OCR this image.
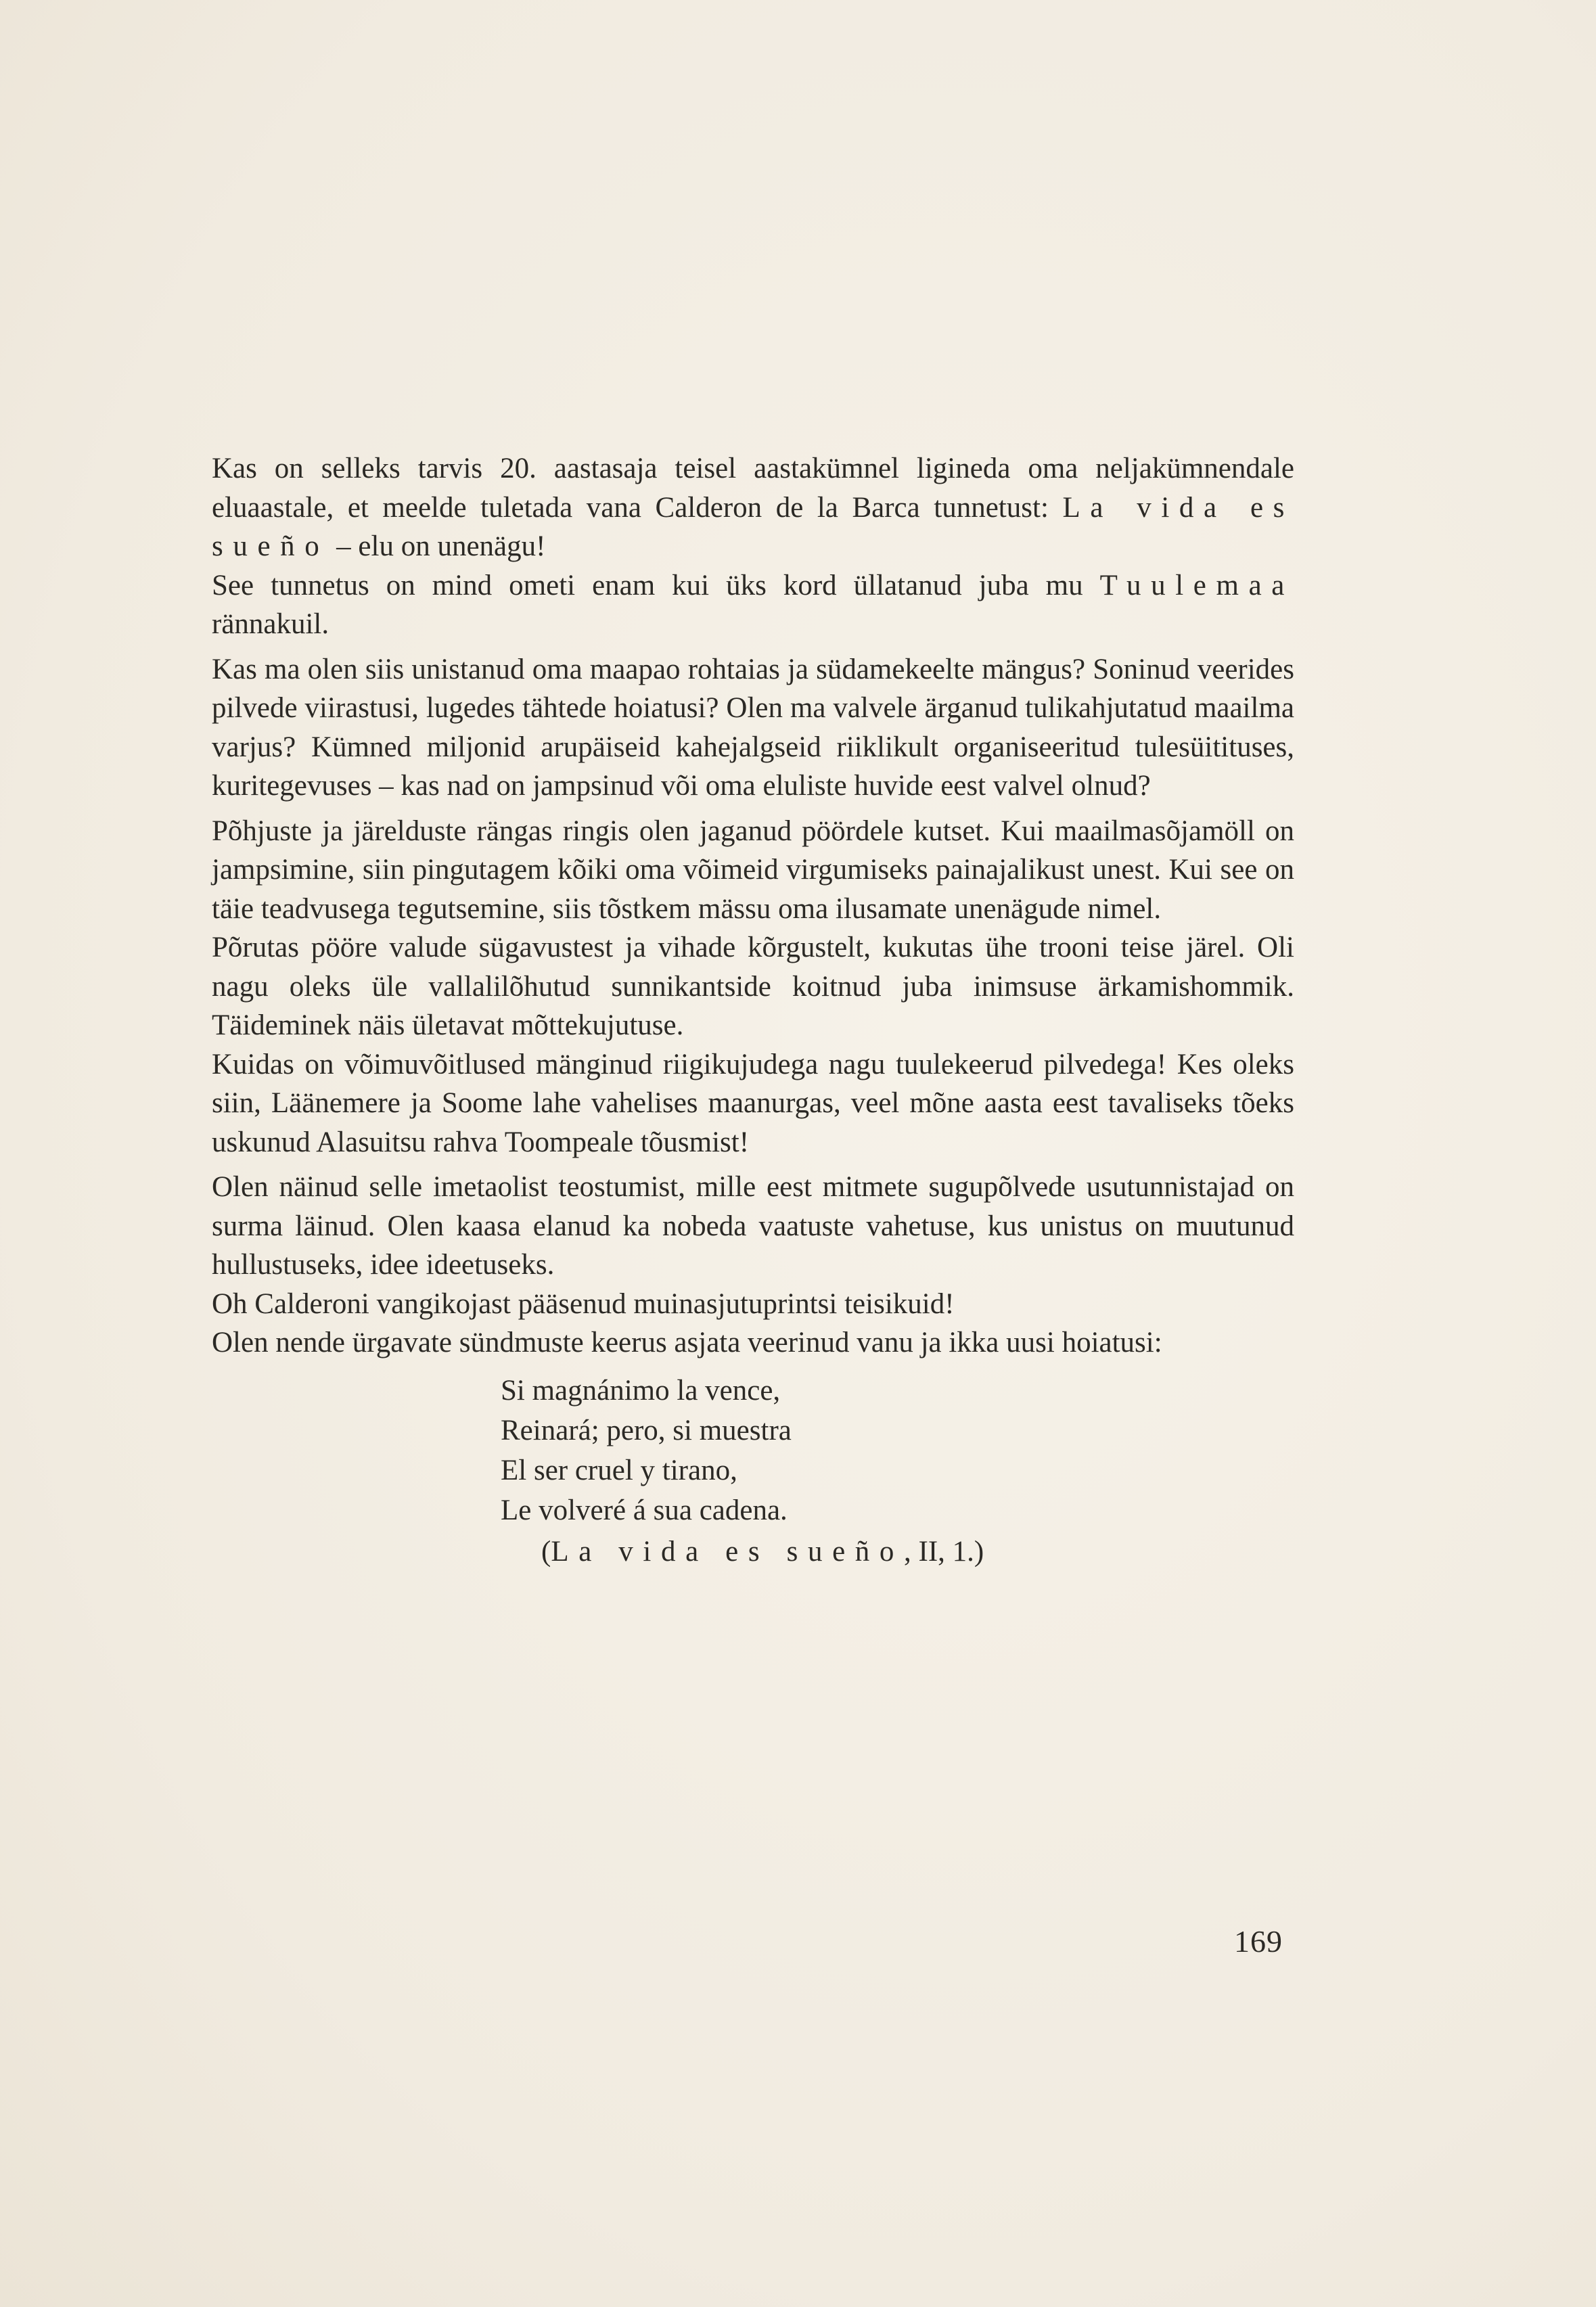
Kas on selleks tarvis 20. aastasaja teisel aastakümnel ligineda oma neljakümnendale eluaastale, et meelde tuletada vana Calderon de la Barca tunnetust: La vida es sueño – elu on unenägu!

See tunnetus on mind ometi enam kui üks kord üllatanud juba mu Tuulemaa rännakuil.

Kas ma olen siis unistanud oma maapao rohtaias ja südamekeelte mängus? Soninud veerides pilvede viirastusi, lugedes tähtede hoiatusi? Olen ma valvele ärganud tulikahjutatud maailma varjus? Kümned miljonid arupäiseid kahejalgseid riiklikult organiseeritud tulesüitituses, kuritegevuses – kas nad on jampsinud või oma eluliste huvide eest valvel olnud?

Põhjuste ja järelduste rängas ringis olen jaganud pöördele kutset. Kui maailmasõjamöll on jampsimine, siin pingutagem kõiki oma võimeid virgumiseks painajalikust unest. Kui see on täie teadvusega tegutsemine, siis tõstkem mässu oma ilusamate unenägude nimel.

Põrutas pööre valude sügavustest ja vihade kõrgustelt, kukutas ühe trooni teise järel. Oli nagu oleks üle vallalilõhutud sunnikantside koitnud juba inimsuse ärkamishommik. Täideminek näis ületavat mõttekujutuse.

Kuidas on võimuvõitlused mänginud riigikujudega nagu tuulekeerud pilvedega! Kes oleks siin, Läänemere ja Soome lahe vahelises maanurgas, veel mõne aasta eest tavaliseks tõeks uskunud Alasuitsu rahva Toompeale tõusmist!

Olen näinud selle imetaolist teostumist, mille eest mitmete sugupõlvede usutunnistajad on surma läinud. Olen kaasa elanud ka nobeda vaatuste vahetuse, kus unistus on muutunud hullustuseks, idee ideetuseks.

Oh Calderoni vangikojast pääsenud muinasjutuprintsi teisikuid!

Olen nende ürgavate sündmuste keerus asjata veerinud vanu ja ikka uusi hoiatusi:

Si magnánimo la vence,
Reinará; pero, si muestra
El ser cruel y tirano,
Le volveré á sua cadena.
(La vida es sueño, II, 1.)
169
